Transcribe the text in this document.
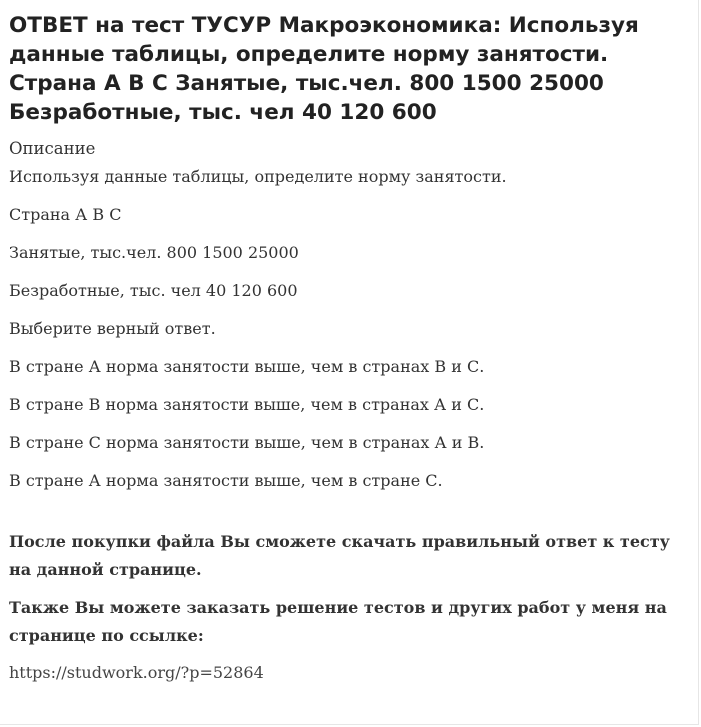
ОТВЕТ на тест ТУСУР Макроэкономика: Используя данные таблицы, определите норму занятости. Страна А В С Занятые, тыс.чел. 800 1500 25000 Безработные, тыс. чел 40 120 600
Описание

Используя данные таблицы, определите норму занятости.

Страна А В С

Занятые, тыс.чел. 800 1500 25000

Безработные, тыс. чел 40 120 600

Выберите верный ответ.

В стране А норма занятости выше, чем в странах В и С.

В стране В норма занятости выше, чем в странах А и С.

В стране С норма занятости выше, чем в странах А и В.

В стране А норма занятости выше, чем в стране С.

После покупки файла Вы сможете скачать правильный ответ к тесту на данной странице.

Также Вы можете заказать решение тестов и других работ у меня на странице по ссылке:

https://studwork.org/?p=52864
